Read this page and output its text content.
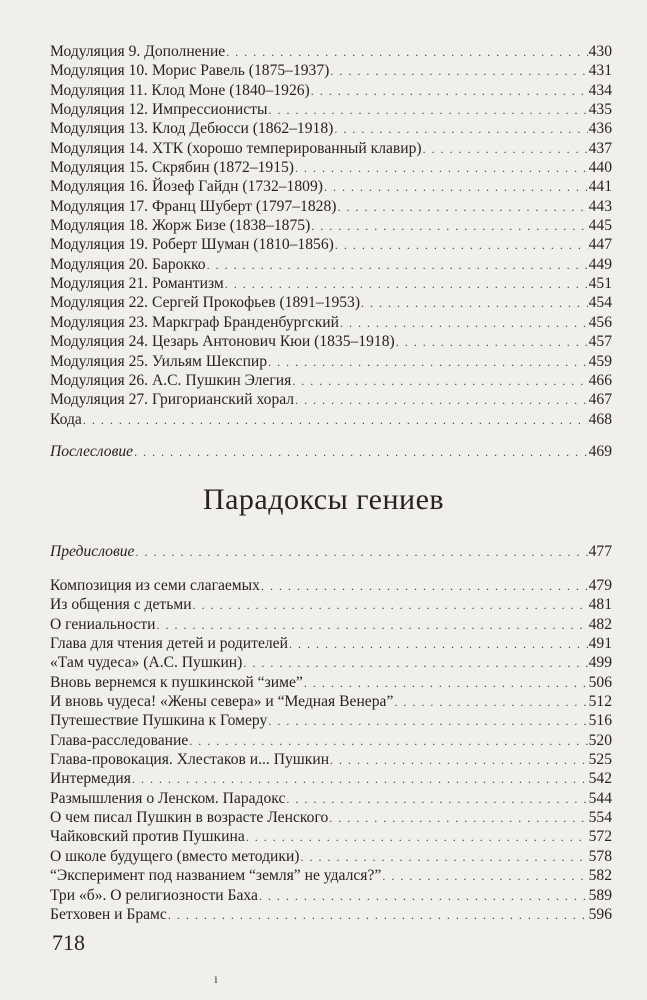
Модуляция 9. Дополнение . . .	430
Модуляция 10. Морис Равель (1875–1937) . . .	431
Модуляция 11. Клод Моне (1840–1926) . . .	434
Модуляция 12. Импрессионисты . . .	435
Модуляция 13. Клод Дебюсси (1862–1918) . . .	436
Модуляция 14. ХТК (хорошо темперированный клавир) . . .	437
Модуляция 15. Скрябин (1872–1915) . . .	440
Модуляция 16. Йозеф Гайдн (1732–1809) . . .	441
Модуляция 17. Франц Шуберт (1797–1828) . . .	443
Модуляция 18. Жорж Бизе (1838–1875) . . .	445
Модуляция 19. Роберт Шуман (1810–1856) . . .	447
Модуляция 20. Барокко . . .	449
Модуляция 21. Романтизм . . .	451
Модуляция 22. Сергей Прокофьев (1891–1953) . . .	454
Модуляция 23. Маркграф Бранденбургский . . .	456
Модуляция 24. Цезарь Антонович Кюи (1835–1918) . . .	457
Модуляция 25. Уильям Шекспир . . .	459
Модуляция 26. А.С. Пушкин Элегия . . .	466
Модуляция 27. Григорианский хорал . . .	467
Кода . . .	468
Послесловие . . .	469
Парадоксы гениев
Предисловие . . .	477
Композиция из семи слагаемых . . .	479
Из общения с детьми . . .	481
О гениальности . . .	482
Глава для чтения детей и родителей . . .	491
«Там чудеса» (А.С. Пушкин) . . .	499
Вновь вернемся к пушкинской “зиме” . . .	506
И вновь чудеса! «Жены севера» и “Медная Венера” . . .	512
Путешествие Пушкина к Гомеру . . .	516
Глава-расследование . . .	520
Глава-провокация. Хлестаков и... Пушкин . . .	525
Интермедия . . .	542
Размышления о Ленском. Парадокс . . .	544
О чем писал Пушкин в возрасте Ленского . . .	554
Чайковский против Пушкина . . .	572
О школе будущего (вместо методики) . . .	578
“Эксперимент под названием “земля” не удался?” . . .	582
Три «б». О религиозности Баха . . .	589
Бетховен и Брамс . . .	596
718
ı
